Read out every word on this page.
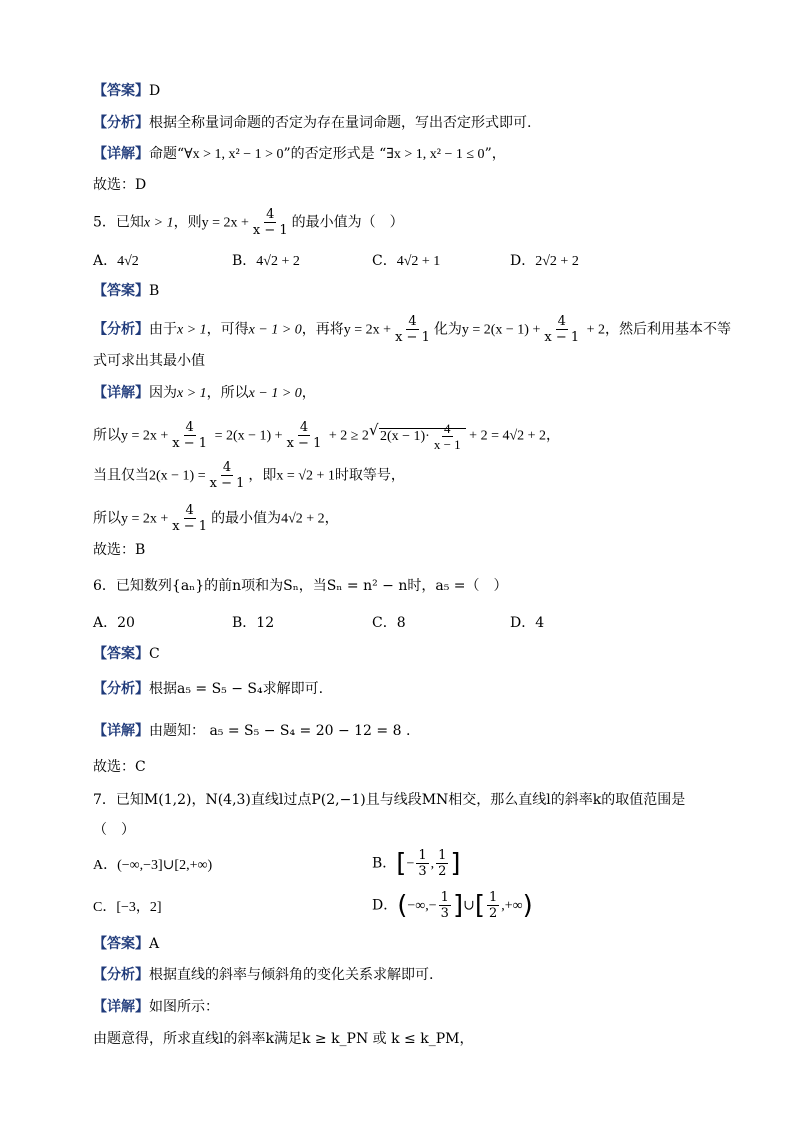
【答案】D
【分析】根据全称量词命题的否定为存在量词命题，写出否定形式即可.
【详解】命题“∀x > 1, x² − 1 > 0”的否定形式是 “∃x > 1, x² − 1 ≤ 0”，
故选：D
5．已知x > 1，则$y = 2x + \frac{4}{x - 1}$ 的最小值为（　）
A．4√2	B．4√2 + 2	C．4√2 + 1	D．2√2 + 2
【答案】B
【分析】由于x > 1，可得x − 1 > 0，再将$y = 2x + \frac{4}{x - 1}$ 化为$y = 2(x - 1) + \frac{4}{x - 1} + 2$，然后利用基本不等
式可求出其最小值
【详解】因为x > 1，所以x − 1 > 0，
所以$y = 2x + \frac{4}{x - 1} = 2(x - 1) + \frac{4}{x - 1} + 2 \ge 2$ √ $2(x - 1)\cdot \frac{4}{x - 1} + 2 = 4√2 + 2$，
当且仅当$2(x - 1) = \frac{4}{x - 1}$ ，即x = √2 + 1时取等号，
所以$y = 2x + \frac{4}{x - 1}$ 的最小值为4√2 + 2，
故选：B
6．已知数列{aₙ}的前n项和为Sₙ，当Sₙ = n² − n时，a₅ =（　）
A．20	B．12	C．8	D．4
【答案】C
【分析】根据a₅ = S₅ − S₄求解即可.
【详解】由题知： a₅ = S₅ − S₄ = 20 − 12 = 8 .
故选：C
7．已知M(1,2)，N(4,3)直线l过点P(2,−1)且与线段MN相交，那么直线l的斜率k的取值范围是
（　）
A．(−∞,−3]∪[2,+∞)	B．[− $\frac{1}{3}$ , $\frac{1}{2}$ ]
C．[−3，2]	D．(−∞,− $\frac{1}{3}$ ]∪[ $\frac{1}{2}$ ,+∞)
【答案】A
【分析】根据直线的斜率与倾斜角的变化关系求解即可.
【详解】如图所示：
由题意得，所求直线l的斜率k满足k ≥ k_PN 或 k ≤ k_PM，
